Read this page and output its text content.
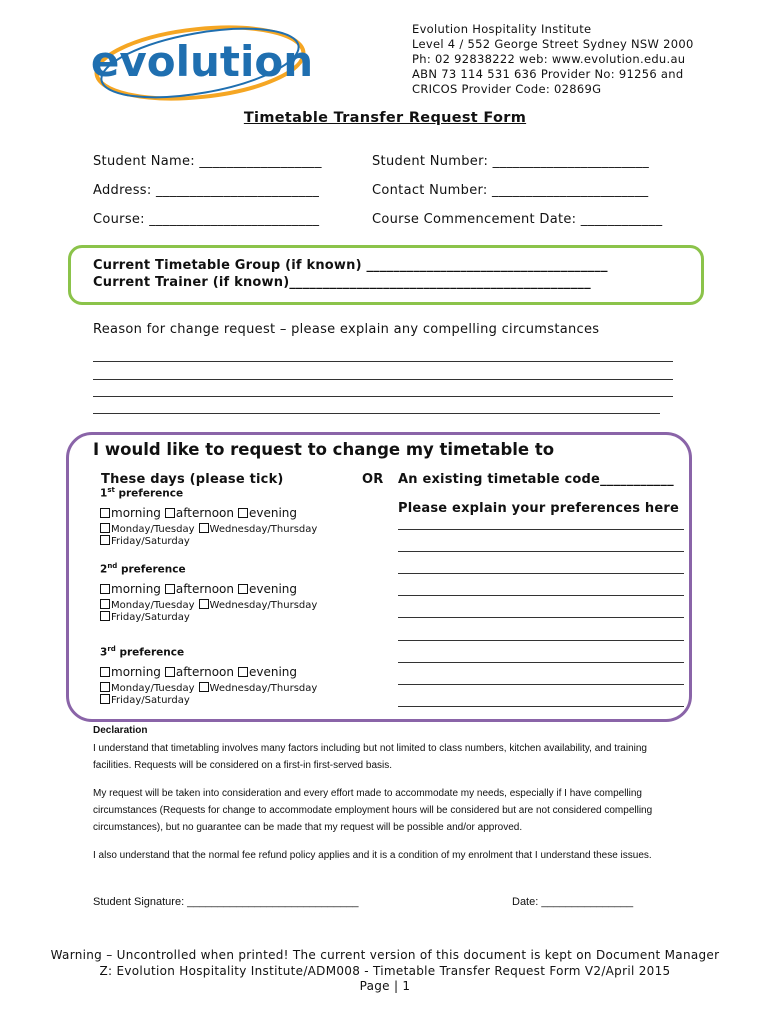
evolution
Evolution Hospitality Institute
Level 4 / 552 George Street Sydney NSW 2000
Ph: 02 92838222 web: www.evolution.edu.au
ABN 73 114 531 636 Provider No: 91256 and
CRICOS Provider Code: 02869G
Timetable Transfer Request Form
Student Name: __________________	Student Number: _______________________
Address: ________________________	Contact Number: _______________________
Course: _________________________	Course Commencement Date: ____________
Current Timetable Group (if known) ____________________________________
Current Trainer (if known)_____________________________________________
Reason for change request – please explain any compelling circumstances
I would like to request to change my timetable to
These days (please tick)	OR An existing timetable code___________
Please explain your preferences here
1st preference
morning afternoon evening
Monday/Tuesday Wednesday/Thursday
Friday/Saturday
2nd preference
morning afternoon evening
Monday/Tuesday Wednesday/Thursday
Friday/Saturday
3rd preference
morning afternoon evening
Monday/Tuesday Wednesday/Thursday
Friday/Saturday
Declaration
I understand that timetabling involves many factors including but not limited to class numbers, kitchen availability, and training facilities. Requests will be considered on a first-in first-served basis.
My request will be taken into consideration and every effort made to accommodate my needs, especially if I have compelling circumstances (Requests for change to accommodate employment hours will be considered but are not considered compelling circumstances), but no guarantee can be made that my request will be possible and/or approved.
I also understand that the normal fee refund policy applies and it is a condition of my enrolment that I understand these issues.
Student Signature: ____________________________	Date: _______________
Warning – Uncontrolled when printed! The current version of this document is kept on Document Manager
Z: Evolution Hospitality Institute/ADM008 - Timetable Transfer Request Form V2/April 2015
Page | 1
